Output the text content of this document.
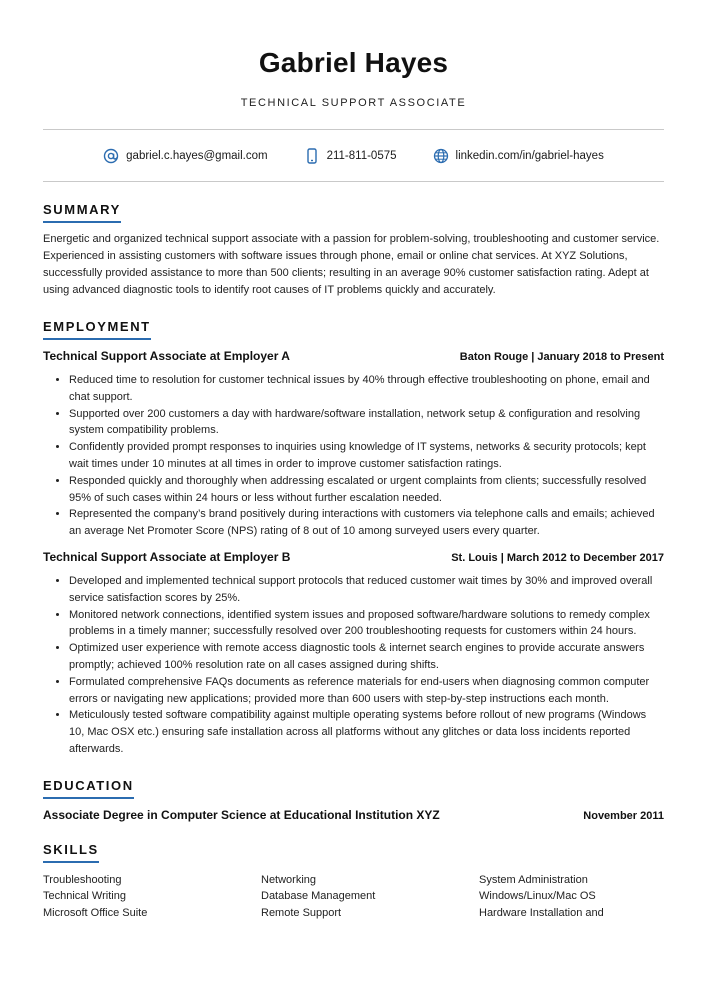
Gabriel Hayes
TECHNICAL SUPPORT ASSOCIATE
gabriel.c.hayes@gmail.com	211-811-0575	linkedin.com/in/gabriel-hayes
SUMMARY
Energetic and organized technical support associate with a passion for problem-solving, troubleshooting and customer service. Experienced in assisting customers with software issues through phone, email or online chat services. At XYZ Solutions, successfully provided assistance to more than 500 clients; resulting in an average 90% customer satisfaction rating. Adept at using advanced diagnostic tools to identify root causes of IT problems quickly and accurately.
EMPLOYMENT
Technical Support Associate at Employer A	Baton Rouge | January 2018 to Present
• Reduced time to resolution for customer technical issues by 40% through effective troubleshooting on phone, email and chat support.
• Supported over 200 customers a day with hardware/software installation, network setup & configuration and resolving system compatibility problems.
• Confidently provided prompt responses to inquiries using knowledge of IT systems, networks & security protocols; kept wait times under 10 minutes at all times in order to improve customer satisfaction ratings.
• Responded quickly and thoroughly when addressing escalated or urgent complaints from clients; successfully resolved 95% of such cases within 24 hours or less without further escalation needed.
• Represented the company’s brand positively during interactions with customers via telephone calls and emails; achieved an average Net Promoter Score (NPS) rating of 8 out of 10 among surveyed users every quarter.
Technical Support Associate at Employer B	St. Louis | March 2012 to December 2017
• Developed and implemented technical support protocols that reduced customer wait times by 30% and improved overall service satisfaction scores by 25%.
• Monitored network connections, identified system issues and proposed software/hardware solutions to remedy complex problems in a timely manner; successfully resolved over 200 troubleshooting requests for customers within 24 hours.
• Optimized user experience with remote access diagnostic tools & internet search engines to provide accurate answers promptly; achieved 100% resolution rate on all cases assigned during shifts.
• Formulated comprehensive FAQs documents as reference materials for end-users when diagnosing common computer errors or navigating new applications; provided more than 600 users with step-by-step instructions each month.
• Meticulously tested software compatibility against multiple operating systems before rollout of new programs (Windows 10, Mac OSX etc.) ensuring safe installation across all platforms without any glitches or data loss incidents reported afterwards.
EDUCATION
Associate Degree in Computer Science at Educational Institution XYZ	November 2011
SKILLS
Troubleshooting	Networking	System Administration
Technical Writing	Database Management	Windows/Linux/Mac OS
Microsoft Office Suite	Remote Support	Hardware Installation and
